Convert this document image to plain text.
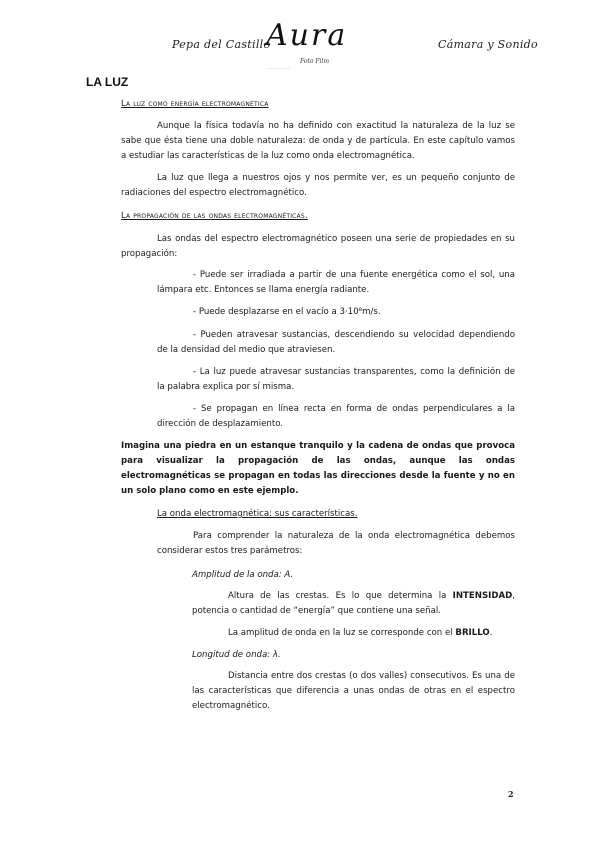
Pepa del Castillo
Aura
Foto Film
· · · · · · · · ·
Cámara y Sonido
LA LUZ
La luz como energía electromagnética

Aunque la física todavía no ha definido con exactitud la naturaleza de la luz se sabe que ésta tiene una doble naturaleza: de onda y de partícula. En este capítulo vamos a estudiar las características de la luz como onda electromagnética.

La luz que llega a nuestros ojos y nos permite ver, es un pequeño conjunto de radiaciones del espectro electromagnético.

La propagación de las ondas electromagnéticas.

Las ondas del espectro electromagnético poseen una serie de propiedades en su propagación:

- Puede ser irradiada a partir de una fuente energética como el sol, una lámpara etc. Entonces se llama energía radiante.

- Puede desplazarse en el vacío a 3·10⁸m/s.

- Pueden atravesar sustancias, descendiendo su velocidad dependiendo de la densidad del medio que atraviesen.

- La luz puede atravesar sustancias transparentes, como la definición de la palabra explica por sí misma.

- Se propagan en línea recta en forma de ondas perpendiculares a la dirección de desplazamiento.

Imagina una piedra en un estanque tranquilo y la cadena de ondas que provoca para visualizar la propagación de las ondas, aunque las ondas electromagnéticas se propagan en todas las direcciones desde la fuente y no en un solo plano como en este ejemplo.

La onda electromagnética: sus características.

Para comprender la naturaleza de la onda electromagnética debemos considerar estos tres parámetros:

Amplitud de la onda: A.

Altura de las crestas. Es lo que determina la INTENSIDAD, potencia o cantidad de “energía” que contiene una señal.

La amplitud de onda en la luz se corresponde con el BRILLO.

Longitud de onda: λ.

Distancia entre dos crestas (o dos valles) consecutivos. Es una de las características que diferencia a unas ondas de otras en el espectro electromagnético.

2
